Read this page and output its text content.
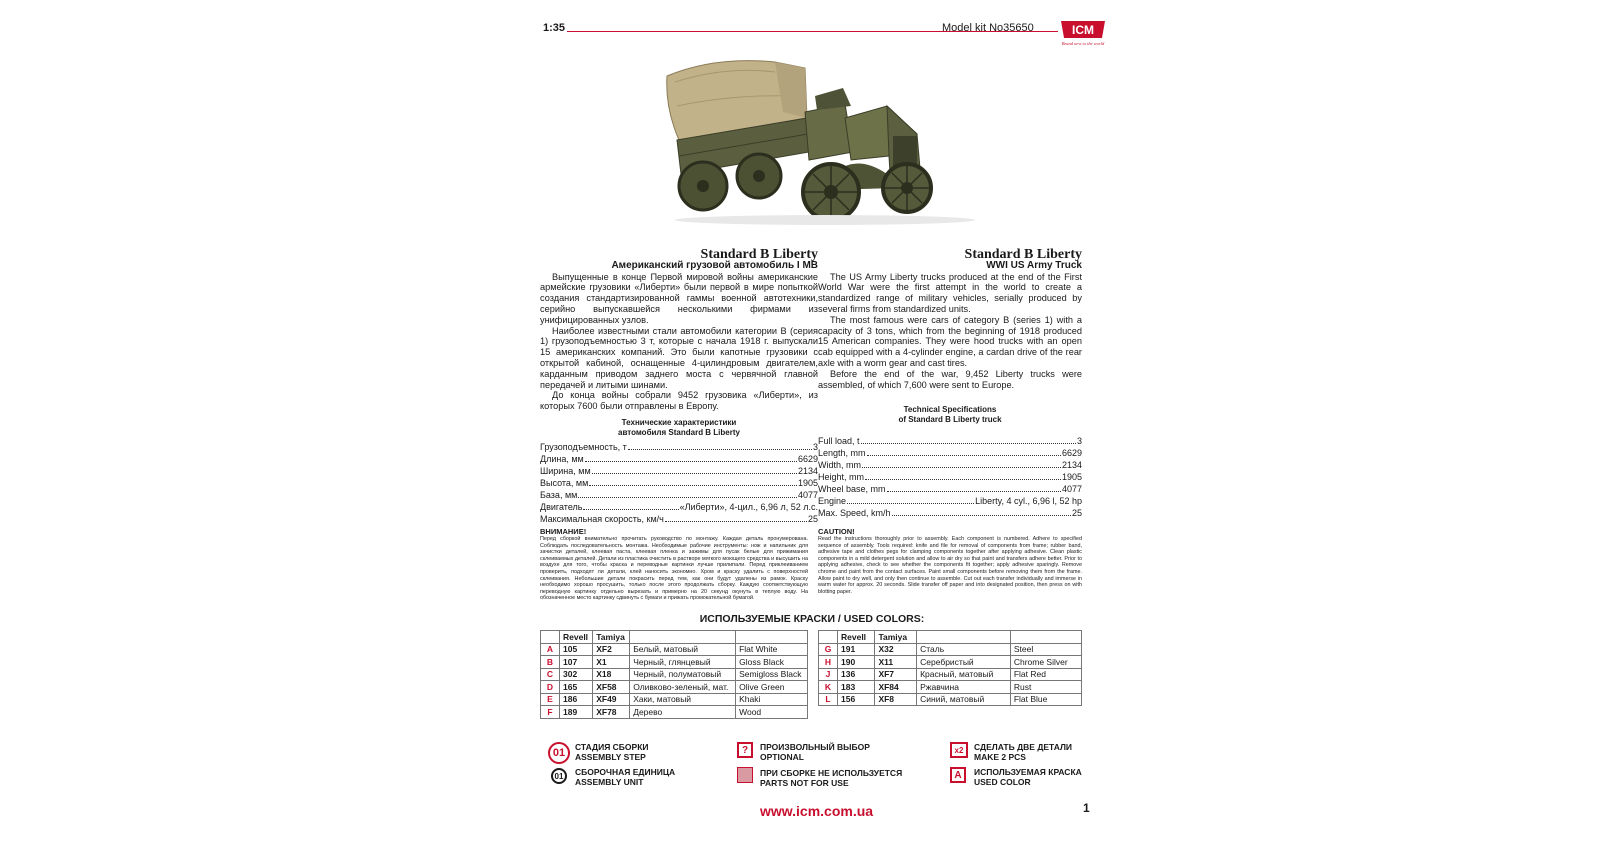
1:35	Model kit No35650	ICM
Brand new to the world
Standard B Liberty
Американский грузовой автомобиль I MB

Выпущенные в конце Первой мировой войны американские армейские грузовики «Либерти» были первой в мире попыткой создания стандартизированной гаммы военной автотехники, серийно выпускавшейся несколькими фирмами из унифицированных узлов.

Наиболее известными стали автомобили категории В (серия 1) грузоподъемностью 3 т, которые с начала 1918 г. выпускали 15 американских компаний. Это были капотные грузовики с открытой кабиной, оснащенные 4-цилиндровым двигателем, карданным приводом заднего моста с червячной главной передачей и литыми шинами.

До конца войны собрали 9452 грузовика «Либерти», из которых 7600 были отправлены в Европу.

Технические характеристики
автомобиля Standard B Liberty
Грузоподъемность, т	3
Длина, мм	6629
Ширина, мм	2134
Высота, мм	1905
База, мм	4077
Двигатель	«Либерти», 4-цил., 6,96 л, 52 л.с.
Максимальная скорость, км/ч	25
ВНИМАНИЕ!
Перед сборкой внимательно прочитать руководство по монтажу. Каждая деталь пронумерована. Соблюдать последовательность монтажа. Необходимые рабочие инструменты: нож и напильник для зачистки деталей, клеевая паста, клеевая пленка и зажимы для пусак белые для прижимания склеиваемых деталей. Детали из пластика очистить в растворе мягкого моющего средства и высушить на воздухе для того, чтобы краска и переводные картинки лучше прилипали. Перед приклеиванием проверить, подходят ли детали, клей наносить экономно. Хром и краску удалить с поверхностей склеивания. Небольшие детали покрасить перед тем, как они будут удалены из рамок. Краску необходимо хорошо просушить, только после этого продолжать сборку. Каждую соответствующую переводную картинку отдельно вырезать и примерно на 20 секунд окунуть в теплую воду. На обозначенное место картинку сдвинуть с бумаги и прижать промокательной бумагой.
Standard B Liberty
WWI US Army Truck

The US Army Liberty trucks produced at the end of the First World War were the first attempt in the world to create a standardized range of military vehicles, serially produced by several firms from standardized units.

The most famous were cars of category B (series 1) with a capacity of 3 tons, which from the beginning of 1918 produced 15 American companies. They were hood trucks with an open cab equipped with a 4-cylinder engine, a cardan drive of the rear axle with a worm gear and cast tires.

Before the end of the war, 9,452 Liberty trucks were assembled, of which 7,600 were sent to Europe.

Technical Specifications
of Standard B Liberty truck
Full load, t	3
Length, mm	6629
Width, mm	2134
Height, mm	1905
Wheel base, mm	4077
Engine	Liberty, 4 cyl., 6,96 l, 52 hp
Max. Speed, km/h	25
CAUTION!
Read the instructions thoroughly prior to assembly. Each component is numbered. Adhere to specified sequence of assembly. Tools required: knife and file for removal of components from frame; rubber band, adhesive tape and clothes pegs for clamping components together after applying adhesive. Clean plastic components in a mild detergent solution and allow to air dry so that paint and transfers adhere better. Prior to applying adhesive, check to see whether the components fit together; apply adhesive sparingly. Remove chrome and paint from the contact surfaces. Paint small components before removing them from the frame. Allow paint to dry well, and only then continue to assemble. Cut out each transfer individually and immerse in warm water for approx. 20 seconds. Slide transfer off paper and into designated position, then press on with blotting paper.
ИСПОЛЬЗУЕМЫЕ КРАСКИ / USED COLORS:
	Revell	Tamiya		
A	105	XF2	Белый, матовый	Flat White
B	107	X1	Черный, глянцевый	Gloss Black
C	302	X18	Черный, полуматовый	Semigloss Black
D	165	XF58	Оливково-зеленый, мат.	Olive Green
E	186	XF49	Хаки, матовый	Khaki
F	189	XF78	Дерево	Wood
	Revell	Tamiya		
G	191	X32	Сталь	Steel
H	190	X11	Серебристый	Chrome Silver
J	136	XF7	Красный, матовый	Flat Red
K	183	XF84	Ржавчина	Rust
L	156	XF8	Синий, матовый	Flat Blue
01	СТАДИЯ СБОРКИ
ASSEMBLY STEP
01	СБОРОЧНАЯ ЕДИНИЦА
ASSEMBLY UNIT
?	ПРОИЗВОЛЬНЫЙ ВЫБОР
OPTIONAL
ПРИ СБОРКЕ НЕ ИСПОЛЬЗУЕТСЯ
PARTS NOT FOR USE
x2	СДЕЛАТЬ ДВЕ ДЕТАЛИ
MAKE 2 PCS
A	ИСПОЛЬЗУЕМАЯ КРАСКА
USED COLOR
www.icm.com.ua	1
